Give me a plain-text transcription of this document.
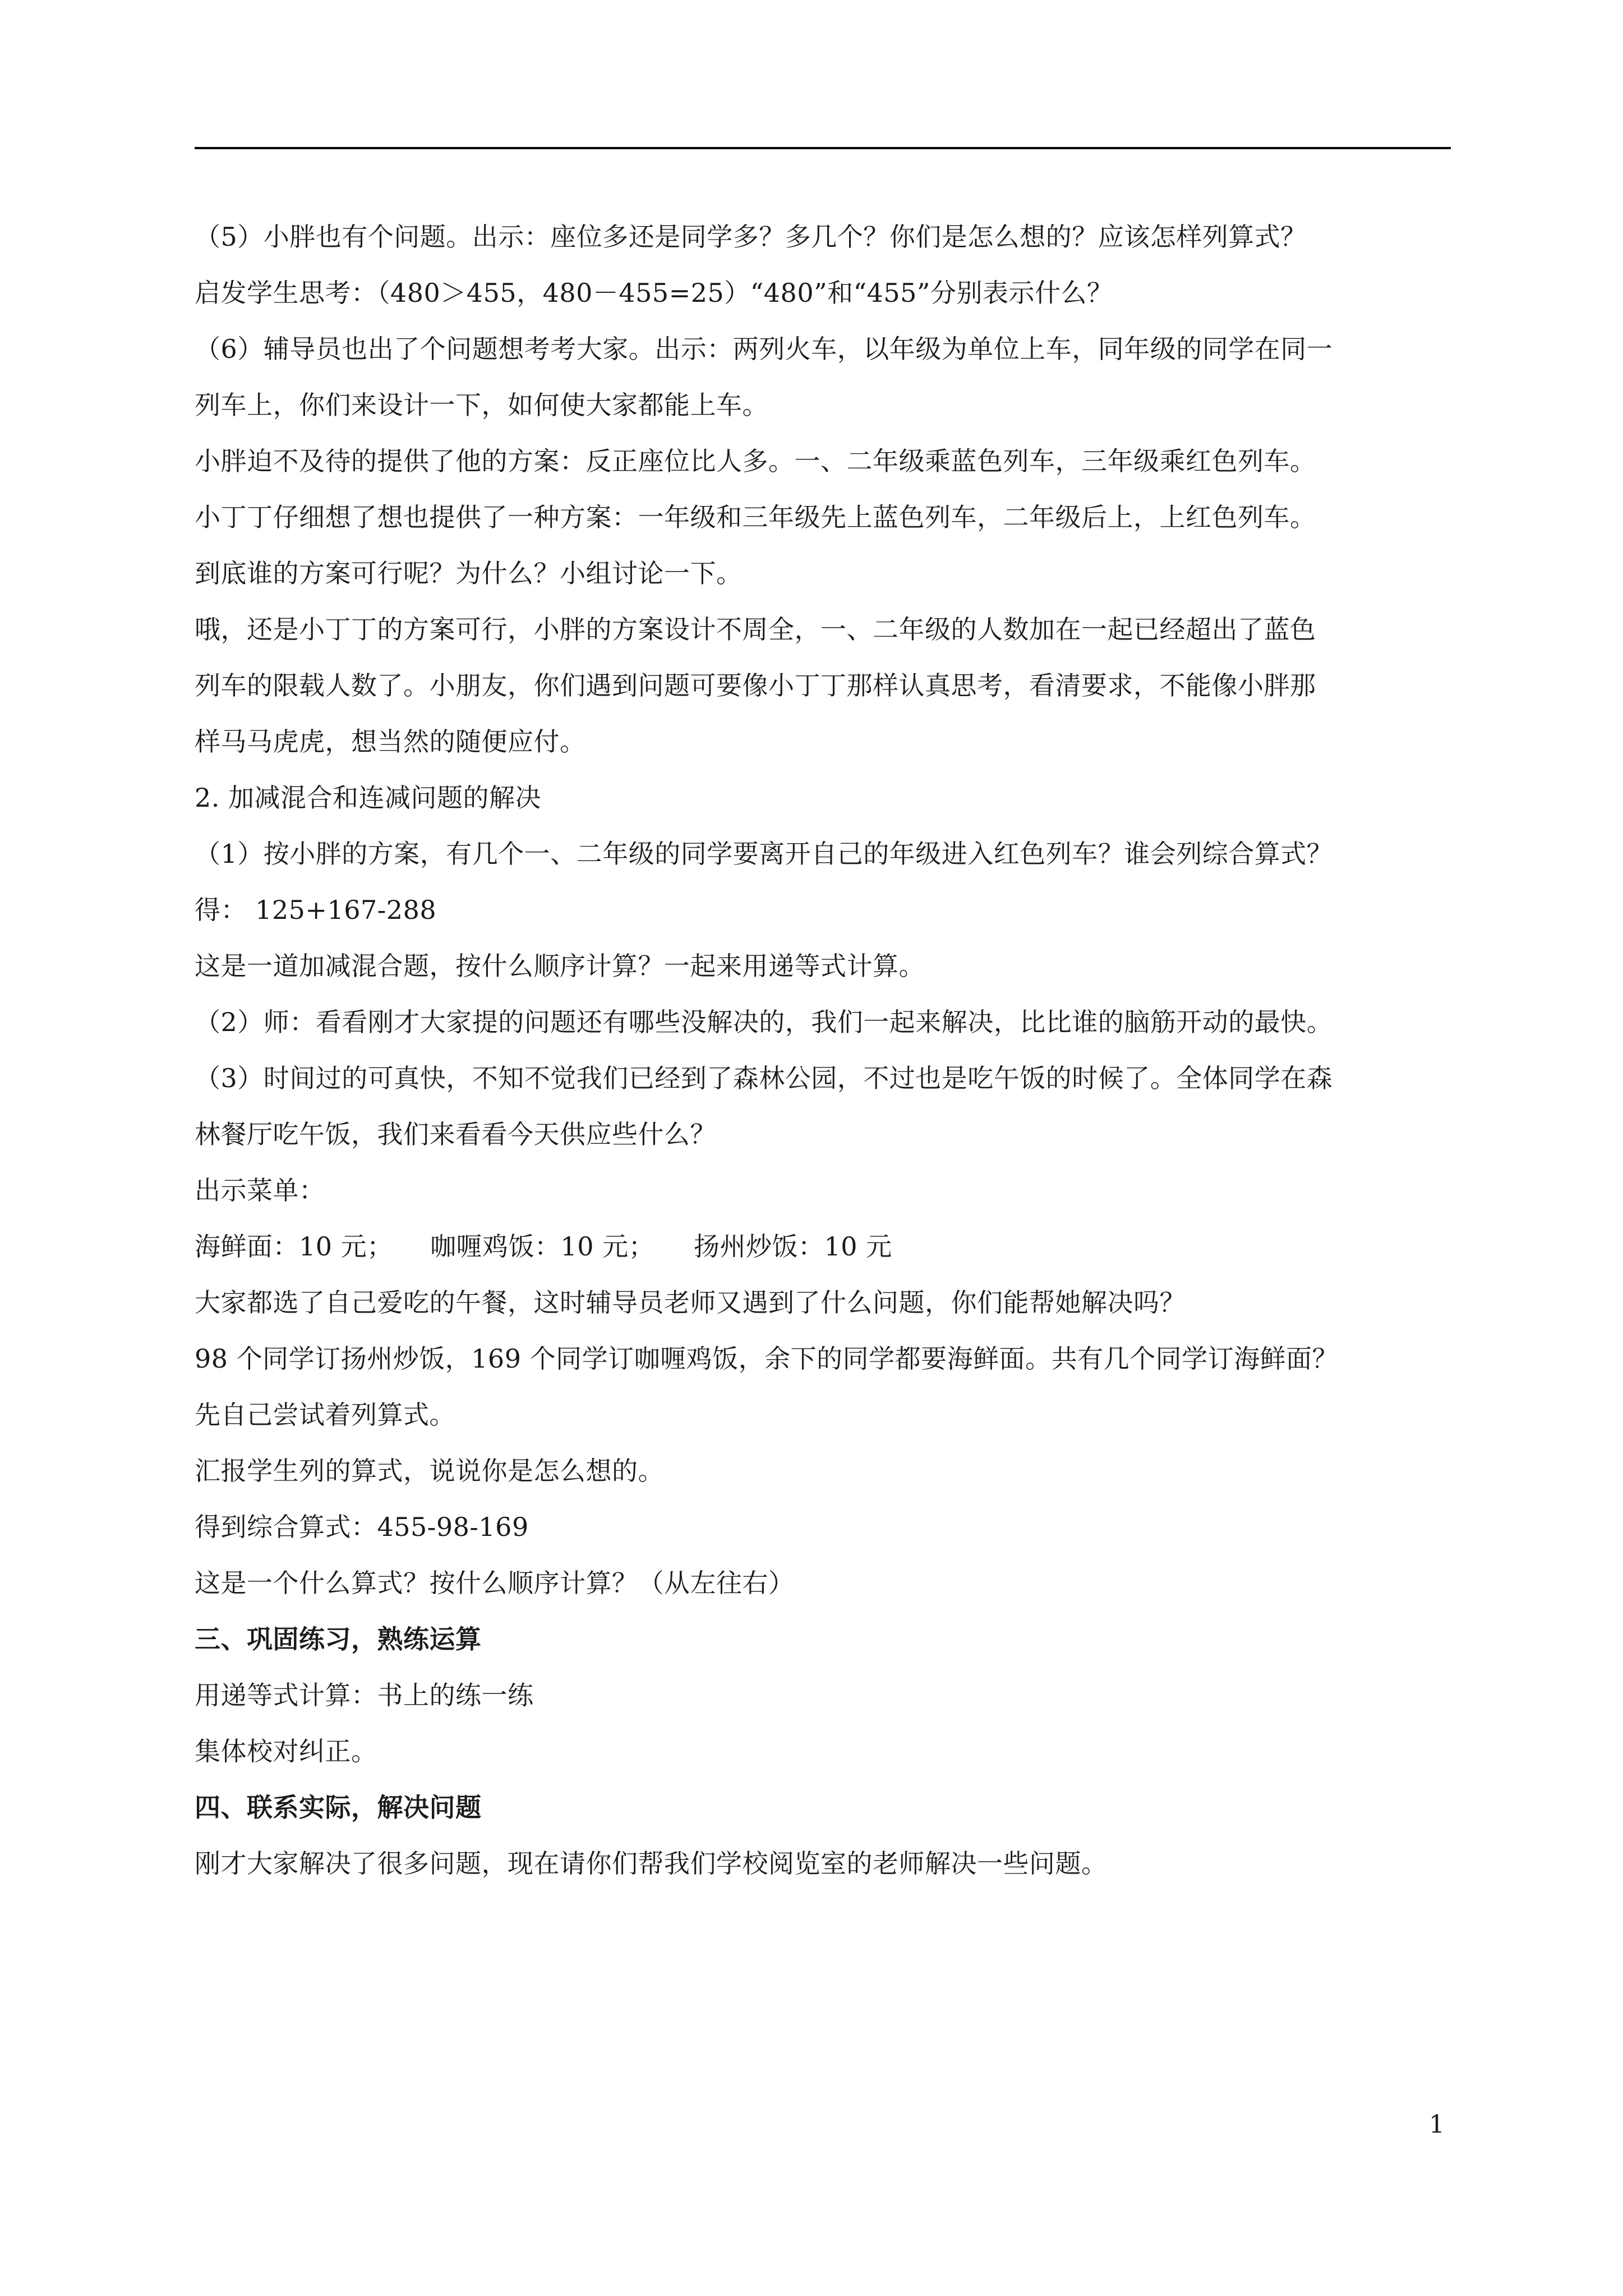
（5）小胖也有个问题。出示：座位多还是同学多？多几个？你们是怎么想的？应该怎样列算式？
启发学生思考：（480＞455，480－455=25）“480”和“455”分别表示什么？
（6）辅导员也出了个问题想考考大家。出示：两列火车，以年级为单位上车，同年级的同学在同一
列车上，你们来设计一下，如何使大家都能上车。
小胖迫不及待的提供了他的方案：反正座位比人多。一、二年级乘蓝色列车，三年级乘红色列车。
小丁丁仔细想了想也提供了一种方案：一年级和三年级先上蓝色列车，二年级后上，上红色列车。
到底谁的方案可行呢？为什么？小组讨论一下。
哦，还是小丁丁的方案可行，小胖的方案设计不周全，一、二年级的人数加在一起已经超出了蓝色
列车的限载人数了。小朋友，你们遇到问题可要像小丁丁那样认真思考，看清要求，不能像小胖那
样马马虎虎，想当然的随便应付。
2. 加减混合和连减问题的解决
（1）按小胖的方案，有几个一、二年级的同学要离开自己的年级进入红色列车？谁会列综合算式？
得： 125+167-288
这是一道加减混合题，按什么顺序计算？一起来用递等式计算。
（2）师：看看刚才大家提的问题还有哪些没解决的，我们一起来解决，比比谁的脑筋开动的最快。
（3）时间过的可真快，不知不觉我们已经到了森林公园，不过也是吃午饭的时候了。全体同学在森
林餐厅吃午饭，我们来看看今天供应些什么？
出示菜单：
海鲜面：10 元； 咖喱鸡饭：10 元； 扬州炒饭：10 元
大家都选了自己爱吃的午餐，这时辅导员老师又遇到了什么问题，你们能帮她解决吗？
98 个同学订扬州炒饭，169 个同学订咖喱鸡饭，余下的同学都要海鲜面。共有几个同学订海鲜面？
先自己尝试着列算式。
汇报学生列的算式，说说你是怎么想的。
得到综合算式：455-98-169
这是一个什么算式？按什么顺序计算？（从左往右）
三、巩固练习，熟练运算
用递等式计算：书上的练一练
集体校对纠正。
四、联系实际，解决问题
刚才大家解决了很多问题，现在请你们帮我们学校阅览室的老师解决一些问题。
1
